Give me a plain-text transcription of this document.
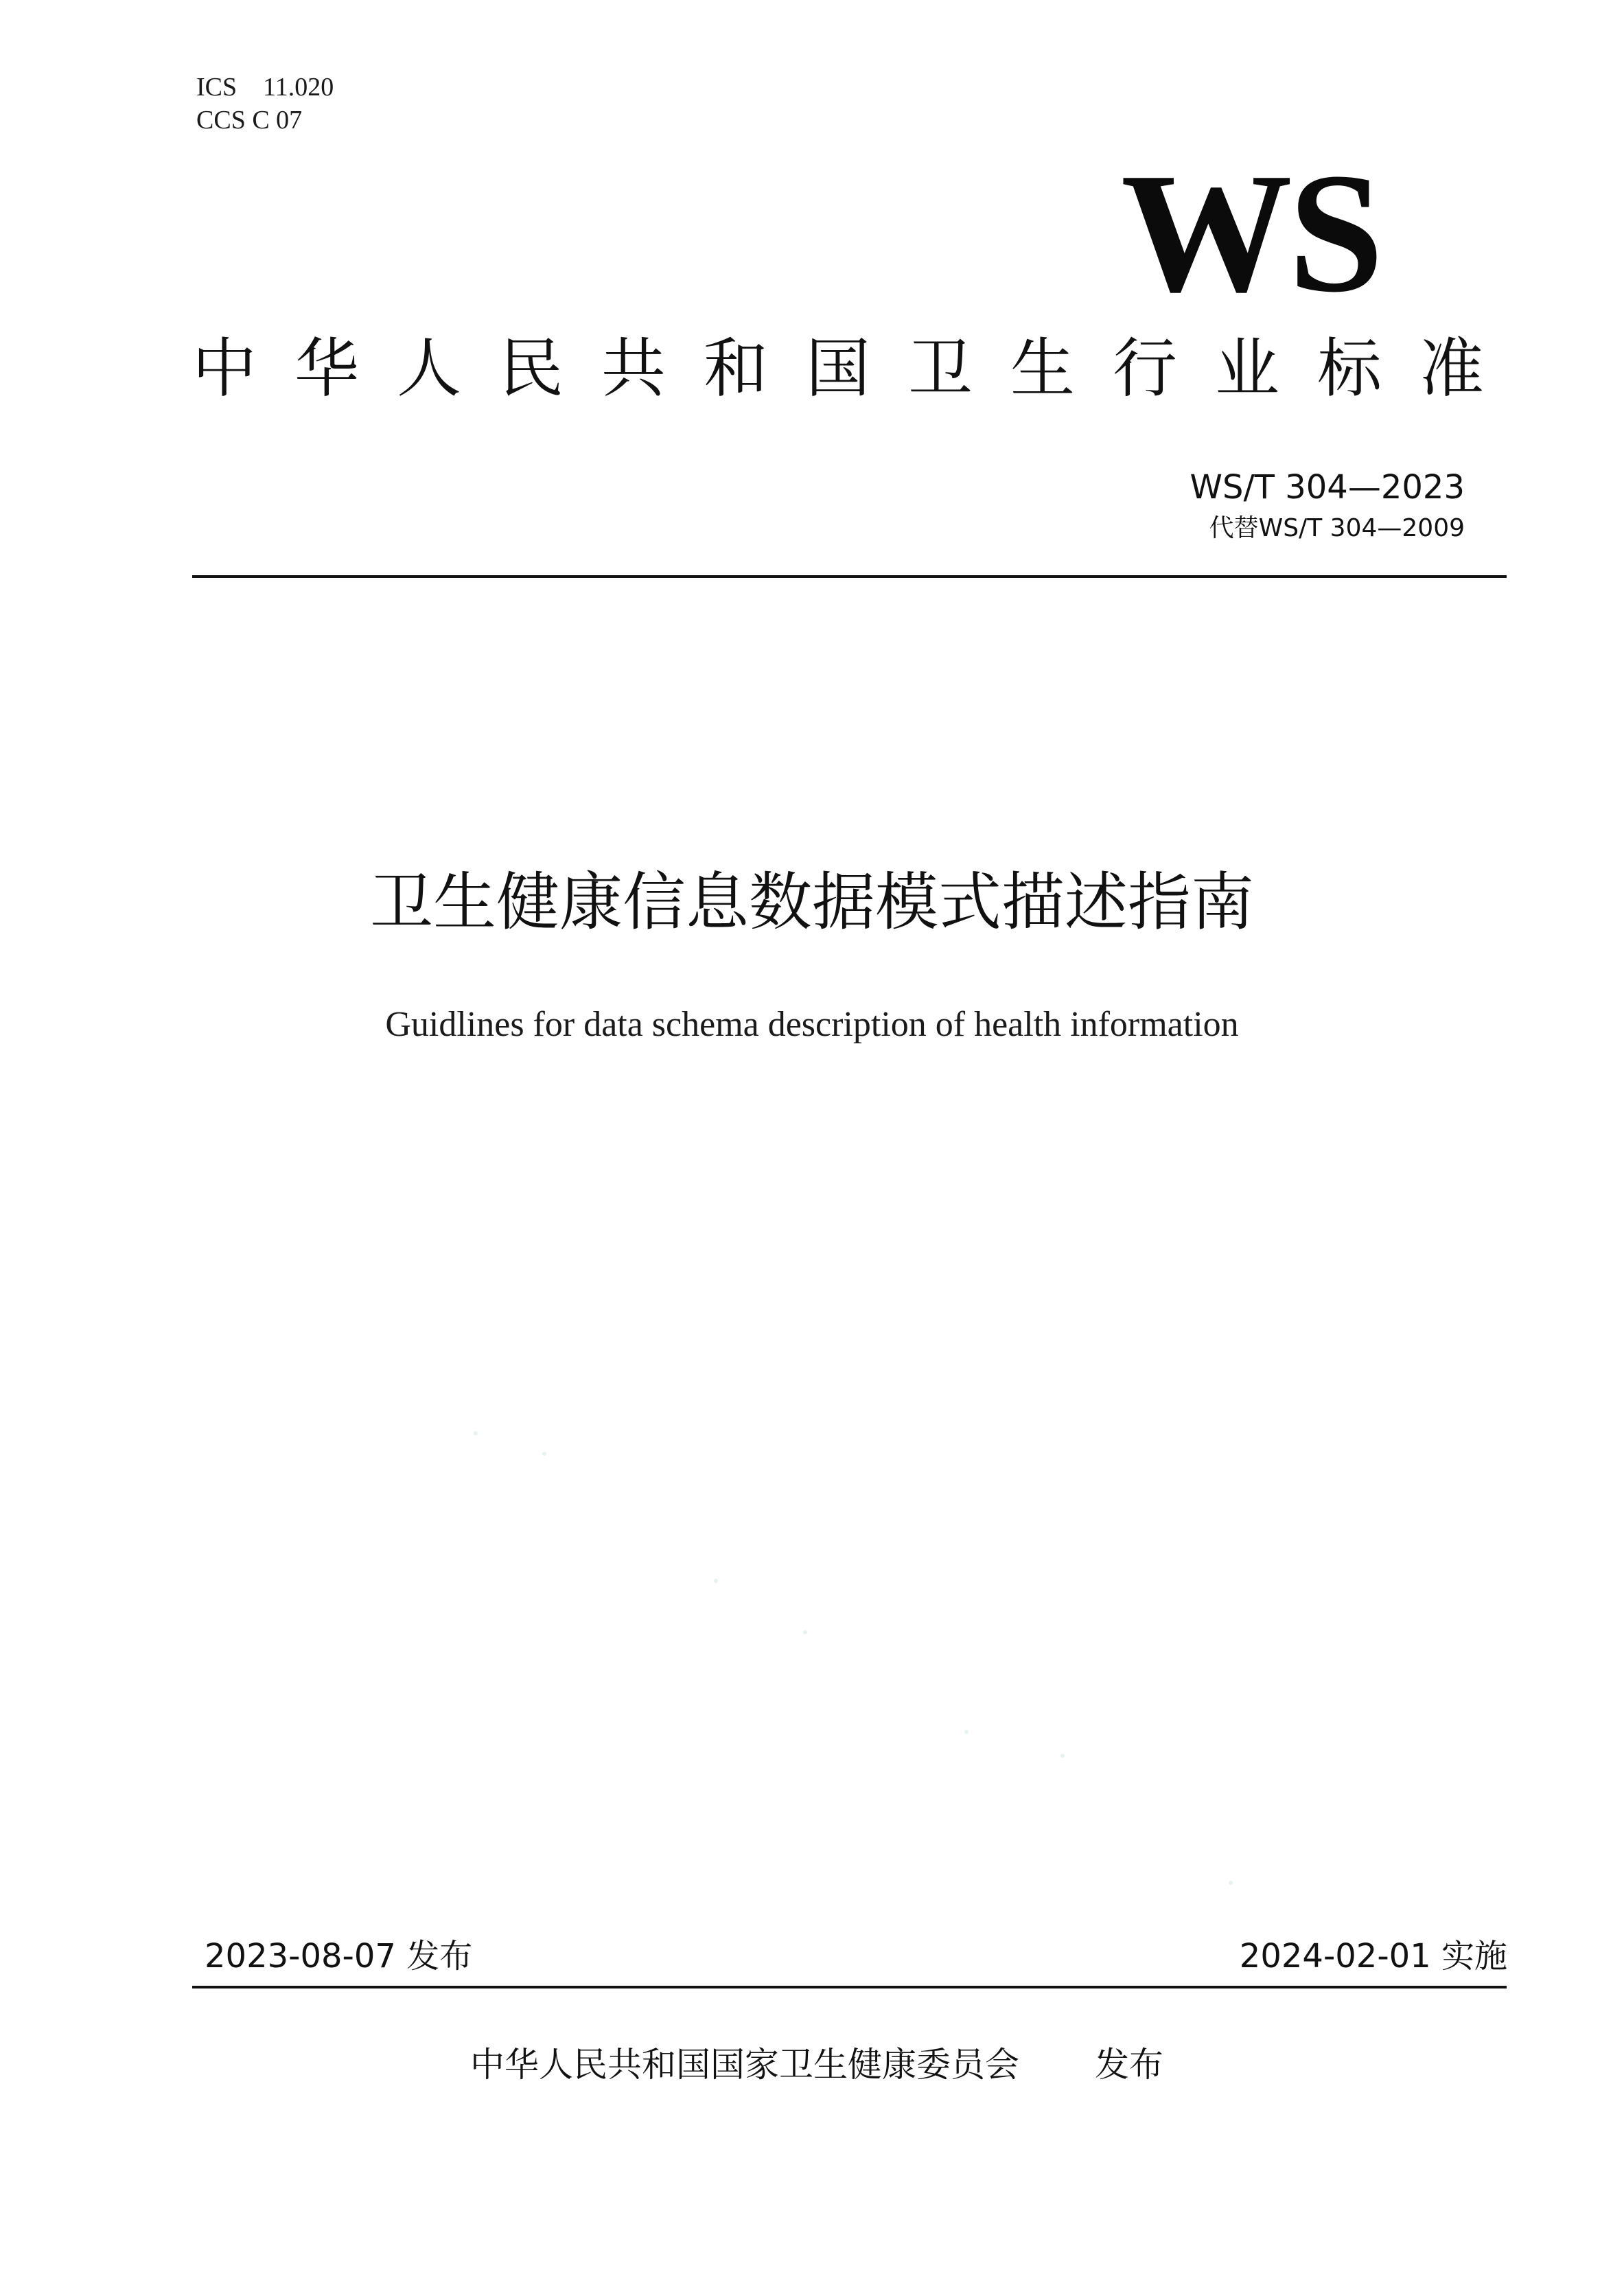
ICS    11.020
CCS C 07
WS
中华人民共和国卫生行业标准
WS/T 304—2023
代替WS/T 304—2009
卫生健康信息数据模式描述指南
Guidlines for data schema description of health information
2023-08-07 发布	2024-02-01 实施
中华人民共和国国家卫生健康委员会 发布
